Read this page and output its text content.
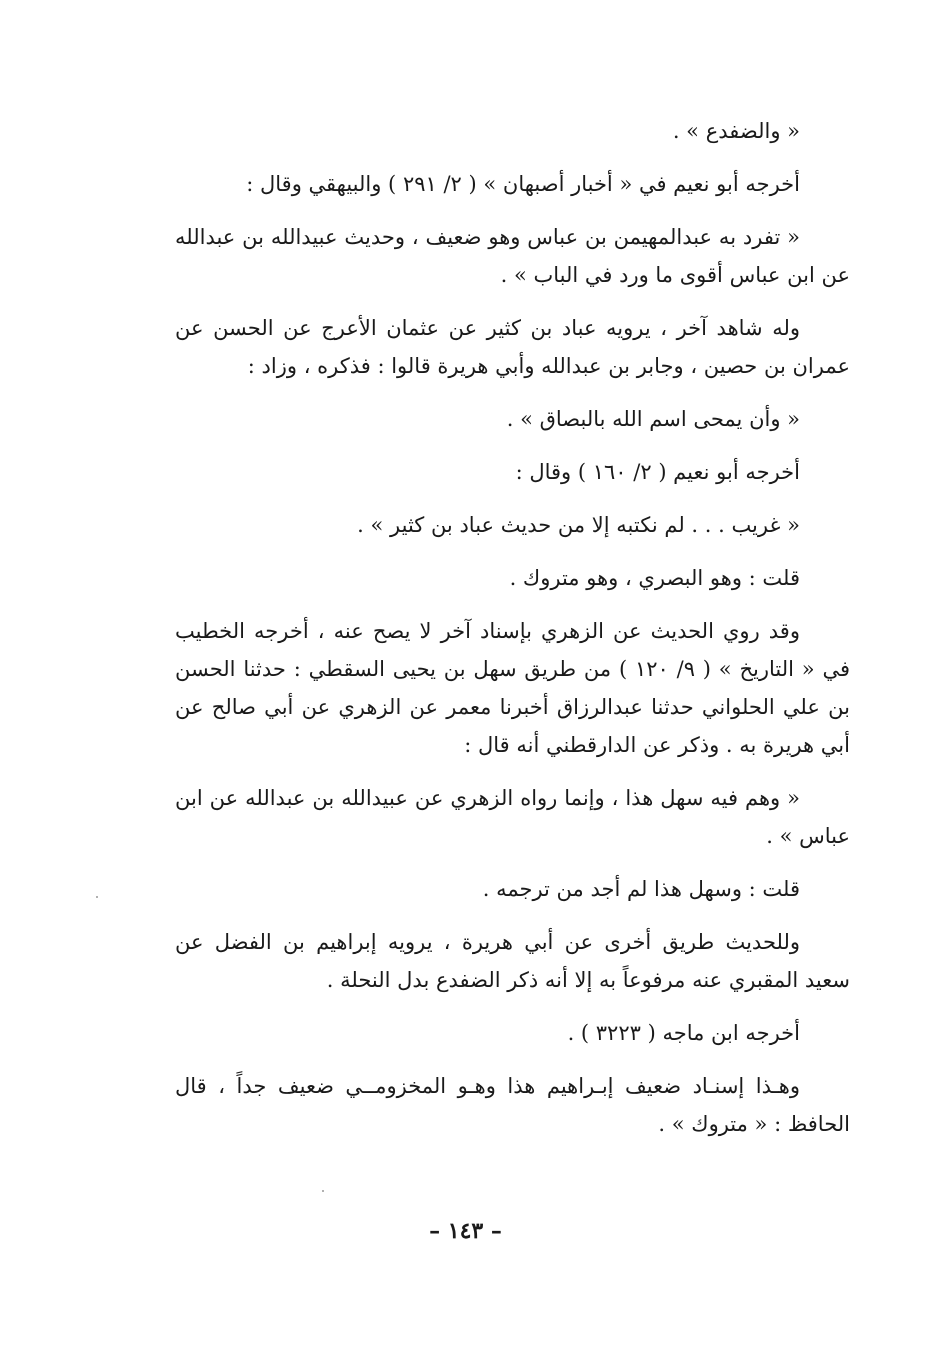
« والضفدع » .

أخرجه أبو نعيم في « أخبار أصبهان » ( ٢/ ٢٩١ ) والبيهقي وقال :

« تفرد به عبدالمهيمن بن عباس وهو ضعيف ، وحديث عبيدالله بن عبدالله عن ابن عباس أقوى ما ورد في الباب » .

وله شاهد آخر ، يرويه عباد بن كثير عن عثمان الأعرج عن الحسن عن عمران بن حصين ، وجابر بن عبدالله وأبي هريرة قالوا : فذكره ، وزاد :

« وأن يمحى اسم الله بالبصاق » .

أخرجه أبو نعيم ( ٢/ ١٦٠ ) وقال :

« غريب . . . لم نكتبه إلا من حديث عباد بن كثير » .

قلت : وهو البصري ، وهو متروك .

وقد روي الحديث عن الزهري بإسناد آخر لا يصح عنه ، أخرجه الخطيب في « التاريخ » ( ٩/ ١٢٠ ) من طريق سهل بن يحيى السقطي : حدثنا الحسن بن علي الحلواني حدثنا عبدالرزاق أخبرنا معمر عن الزهري عن أبي صالح عن أبي هريرة به . وذكر عن الدارقطني أنه قال :

« وهم فيه سهل هذا ، وإنما رواه الزهري عن عبيدالله بن عبدالله عن ابن عباس » .

قلت : وسهل هذا لم أجد من ترجمه .

وللحديث طريق أخرى عن أبي هريرة ، يرويه إبراهيم بن الفضل عن سعيد المقبري عنه مرفوعاً به إلا أنه ذكر الضفدع بدل النحلة .

أخرجه ابن ماجه ( ٣٢٢٣ ) .

وهـذا إسنـاد ضعيف إبـراهيم هذا وهـو المخزومــي ضعيف جداً ، قال الحافظ : « متروك » .

– ١٤٣ –
